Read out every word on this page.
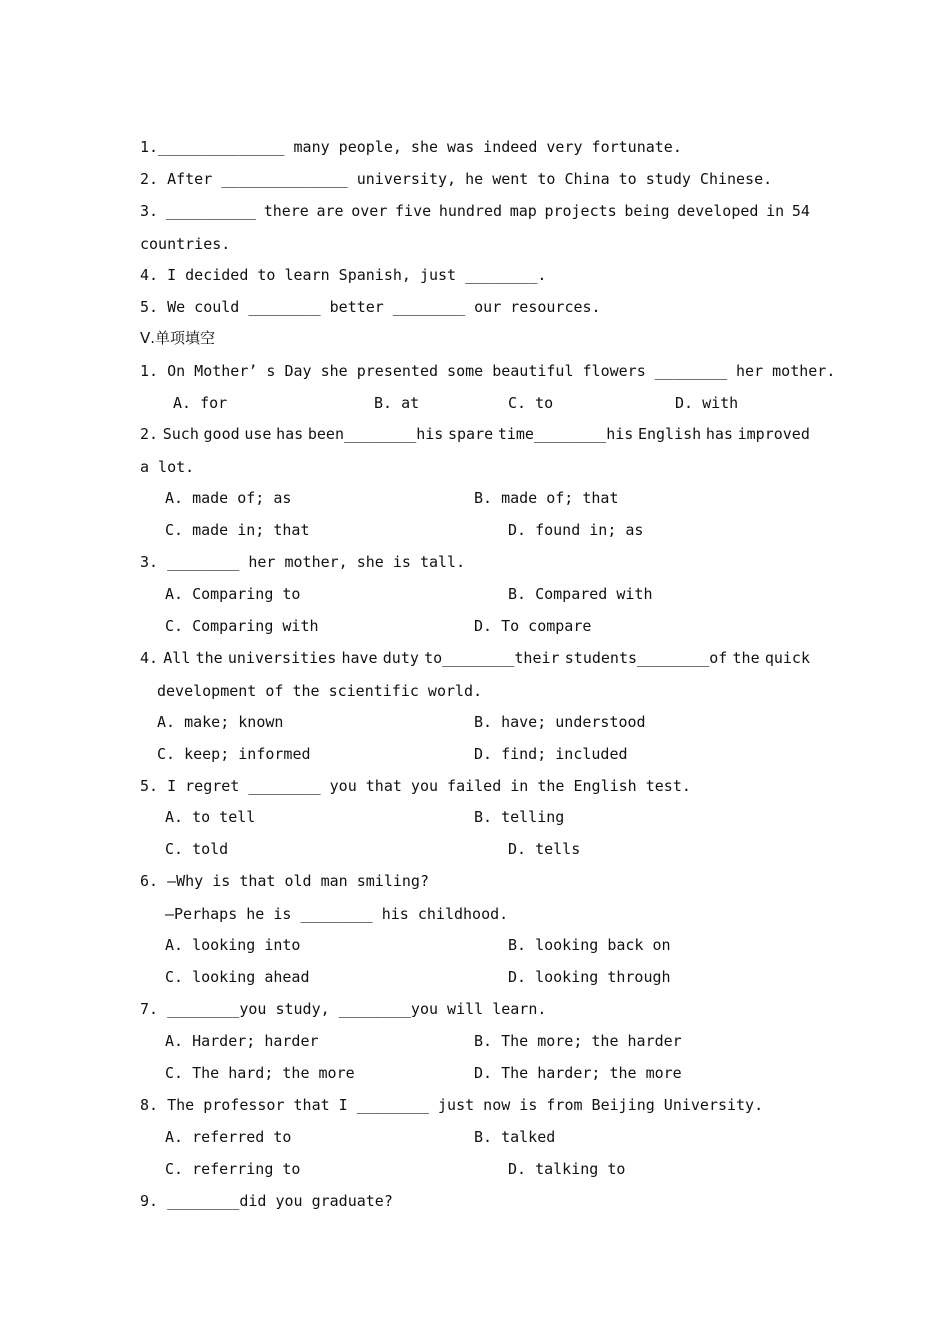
1.______________ many people, she was indeed very fortunate.
2. After ______________ university, he went to China to study Chinese.
3. __________ there are over five hundred map projects being developed in 54
countries.
4. I decided to learn Spanish, just ________.
5. We could ________ better ________ our resources.
Ⅴ.单项填空
1. On Mother’ s Day she presented some beautiful flowers ________ her mother.
A. for	B. at	C. to	D. with
2. Such good use has been________his spare time________his English has improved
a lot.
A. made of; as	B. made of; that
C. made in; that	D. found in; as
3. ________ her mother, she is tall.
A. Comparing to	B. Compared with
C. Comparing with	D. To compare
4. All the universities have duty to________their students________of the quick
development of the scientific world.
A. make; known	B. have; understood
C. keep; informed	D. find; included
5. I regret ________ you that you failed in the English test.
A. to tell	B. telling
C. told	D. tells
6. —Why is that old man smiling?
—Perhaps he is ________ his childhood.
A. looking into	B. looking back on
C. looking ahead	D. looking through
7. ________you study, ________you will learn.
A. Harder; harder	B. The more; the harder
C. The hard; the more	D. The harder; the more
8. The professor that I ________ just now is from Beijing University.
A. referred to	B. talked
C. referring to	D. talking to
9. ________did you graduate?
